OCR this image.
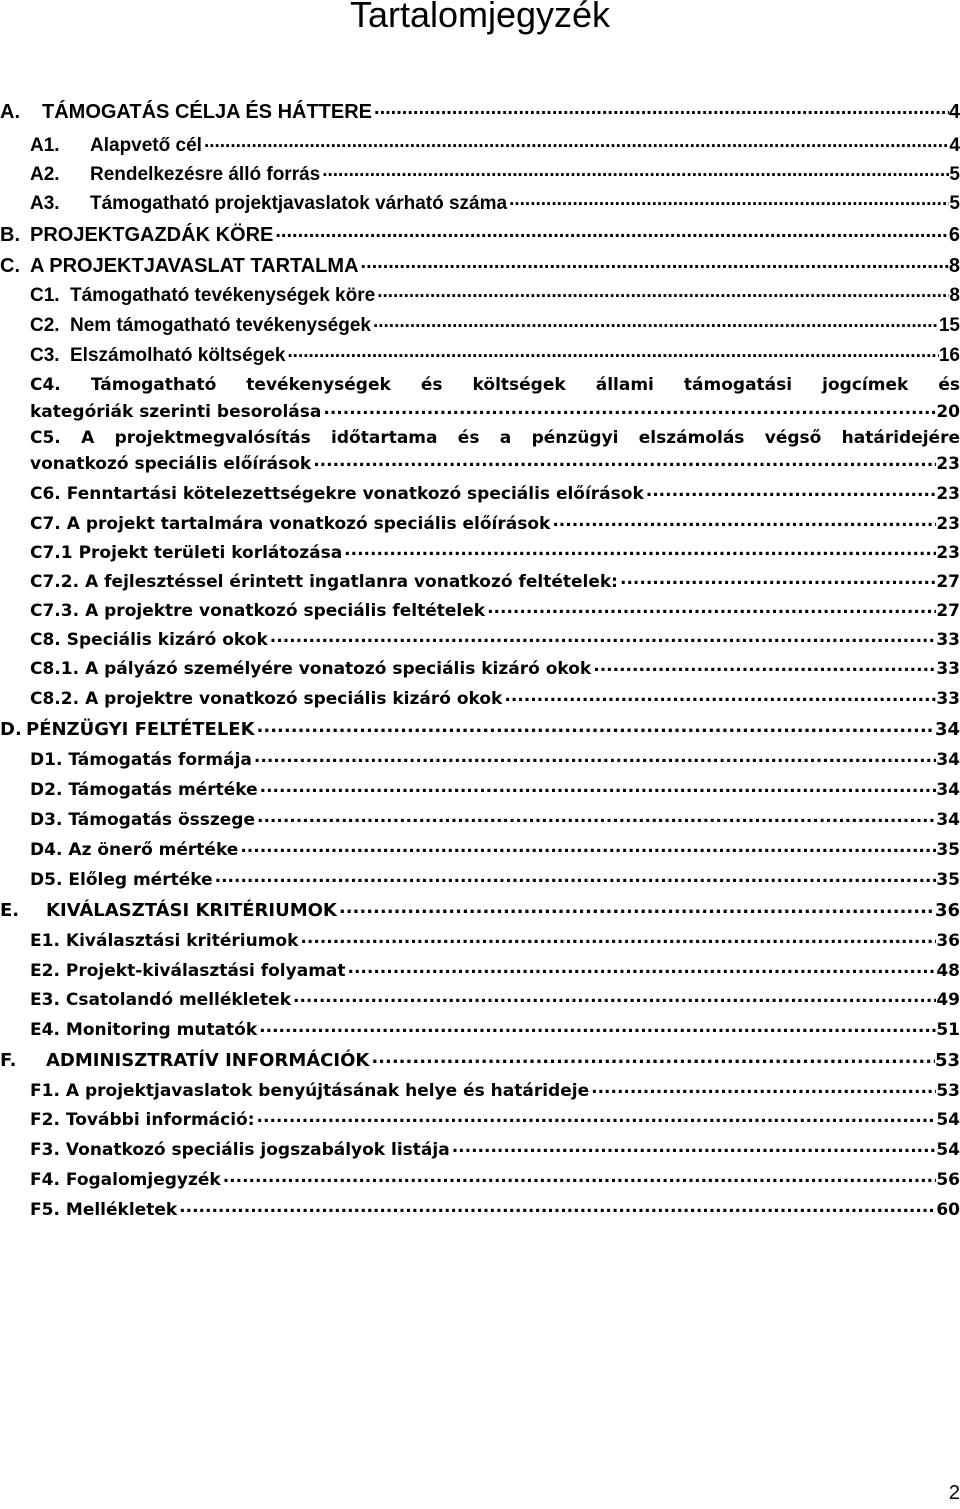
Tartalomjegyzék
A. TÁMOGATÁS CÉLJA ÉS HÁTTERE .....	4
A1. Alapvető cél .....	4
A2. Rendelkezésre álló forrás .....	5
A3. Támogatható projektjavaslatok várható száma .....	5
B. PROJEKTGAZDÁK KÖRE .....	6
C. A PROJEKTJAVASLAT TARTALMA .....	8
C1. Támogatható tevékenységek köre .....	8
C2. Nem támogatható tevékenységek .....	15
C3. Elszámolható költségek .....	16
C4. Támogatható tevékenységek és költségek állami támogatási jogcímek és
kategóriák szerinti besorolása .....	20
C5. A projektmegvalósítás időtartama és a pénzügyi elszámolás végső határidejére
vonatkozó speciális előírások .....	23
C6. Fenntartási kötelezettségekre vonatkozó speciális előírások .....	23
C7. A projekt tartalmára vonatkozó speciális előírások .....	23
C7.1 Projekt területi korlátozása .....	23
C7.2. A fejlesztéssel érintett ingatlanra vonatkozó feltételek: .....	27
C7.3. A projektre vonatkozó speciális feltételek .....	27
C8. Speciális kizáró okok .....	33
C8.1. A pályázó személyére vonatozó speciális kizáró okok .....	33
C8.2. A projektre vonatkozó speciális kizáró okok .....	33
D. PÉNZÜGYI FELTÉTELEK .....	34
D1. Támogatás formája .....	34
D2. Támogatás mértéke .....	34
D3. Támogatás összege .....	34
D4. Az önerő mértéke .....	35
D5. Előleg mértéke .....	35
E. KIVÁLASZTÁSI KRITÉRIUMOK .....	36
E1. Kiválasztási kritériumok .....	36
E2. Projekt-kiválasztási folyamat .....	48
E3. Csatolandó mellékletek .....	49
E4. Monitoring mutatók .....	51
F. ADMINISZTRATÍV INFORMÁCIÓK .....	53
F1. A projektjavaslatok benyújtásának helye és határideje .....	53
F2. További információ: .....	54
F3. Vonatkozó speciális jogszabályok listája .....	54
F4. Fogalomjegyzék .....	56
F5. Mellékletek .....	60
2
